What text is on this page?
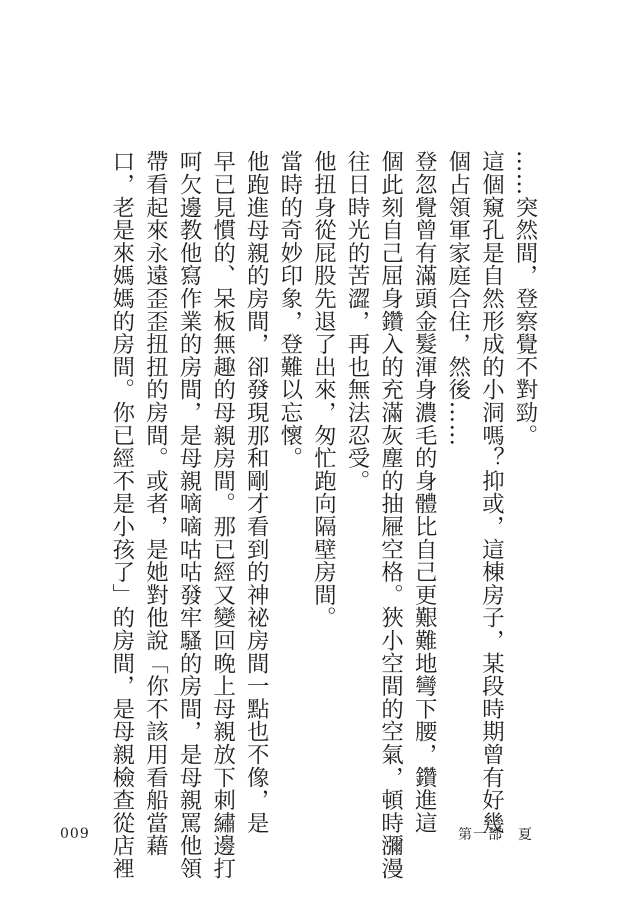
……突然間，登察覺不對勁。

這個窺孔是自然形成的小洞嗎？抑或，這棟房子，某段時期曾有好幾

個占領軍家庭合住，然後……

登忽覺曾有滿頭金髮渾身濃毛的身體比自己更艱難地彎下腰，鑽進這

個此刻自己屈身鑽入的充滿灰塵的抽屜空格。狹小空間的空氣，頓時瀰漫

往日時光的苦澀，再也無法忍受。

他扭身從屁股先退了出來，匆忙跑向隔壁房間。

當時的奇妙印象，登難以忘懷。

他跑進母親的房間，卻發現那和剛才看到的神祕房間一點也不像，是

早已見慣的、呆板無趣的母親房間。那已經又變回晚上母親放下刺繡邊打

呵欠邊教他寫作業的房間，是母親嘀嘀咕咕發牢騷的房間，是母親罵他領

帶看起來永遠歪歪扭扭的房間。或者，是她對他說「你不該用看船當藉

口，老是來媽媽的房間。你已經不是小孩了」的房間，是母親檢查從店裡

009	第一部　夏
